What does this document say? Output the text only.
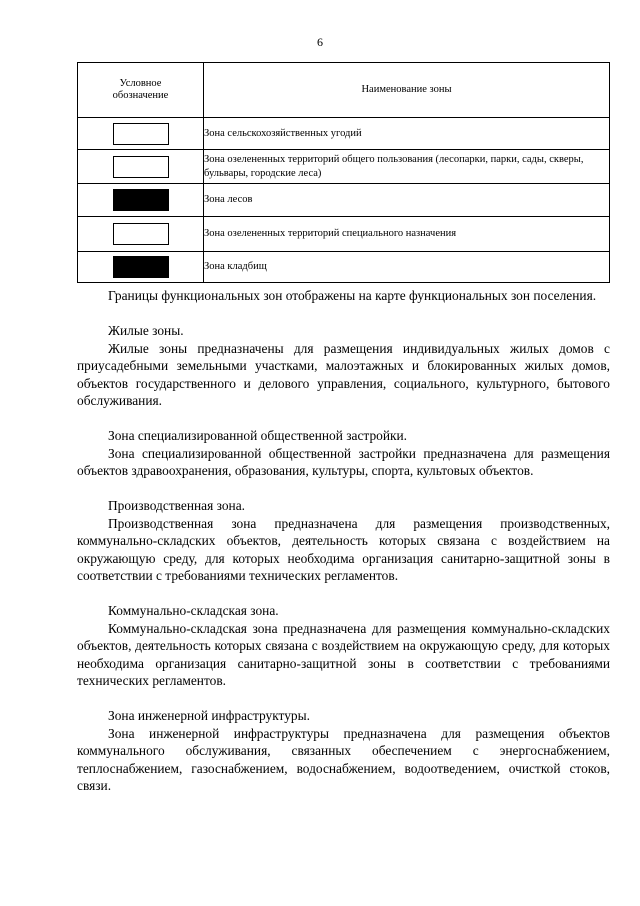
6
Условное
обозначение	Наименование зоны
	Зона сельскохозяйственных угодий
	Зона озелененных территорий общего пользования (лесопарки, парки, сады, скверы, бульвары, городские леса)
	Зона лесов
	Зона озелененных территорий специального назначения
	Зона кладбищ

Границы функциональных зон отображены на карте функциональных зон поселения.

Жилые зоны.

Жилые зоны предназначены для размещения индивидуальных жилых домов с приусадебными земельными участками, малоэтажных и блокированных жилых домов, объектов государственного и делового управления, социального, культурного, бытового обслуживания.

Зона специализированной общественной застройки.

Зона специализированной общественной застройки предназначена для размещения объектов здравоохранения, образования, культуры, спорта, культовых объектов.

Производственная зона.

Производственная зона предназначена для размещения производственных, коммунально-складских объектов, деятельность которых связана с воздействием на окружающую среду, для которых необходима организация санитарно-защитной зоны в соответствии с требованиями технических регламентов.

Коммунально-складская зона.

Коммунально-складская зона предназначена для размещения коммунально-складских объектов, деятельность которых связана с воздействием на окружающую среду, для которых необходима организация санитарно-защитной зоны в соответствии с требованиями технических регламентов.

Зона инженерной инфраструктуры.

Зона инженерной инфраструктуры предназначена для размещения объектов коммунального обслуживания, связанных обеспечением с энергоснабжением, теплоснабжением, газоснабжением, водоснабжением, водоотведением, очисткой стоков, связи.
